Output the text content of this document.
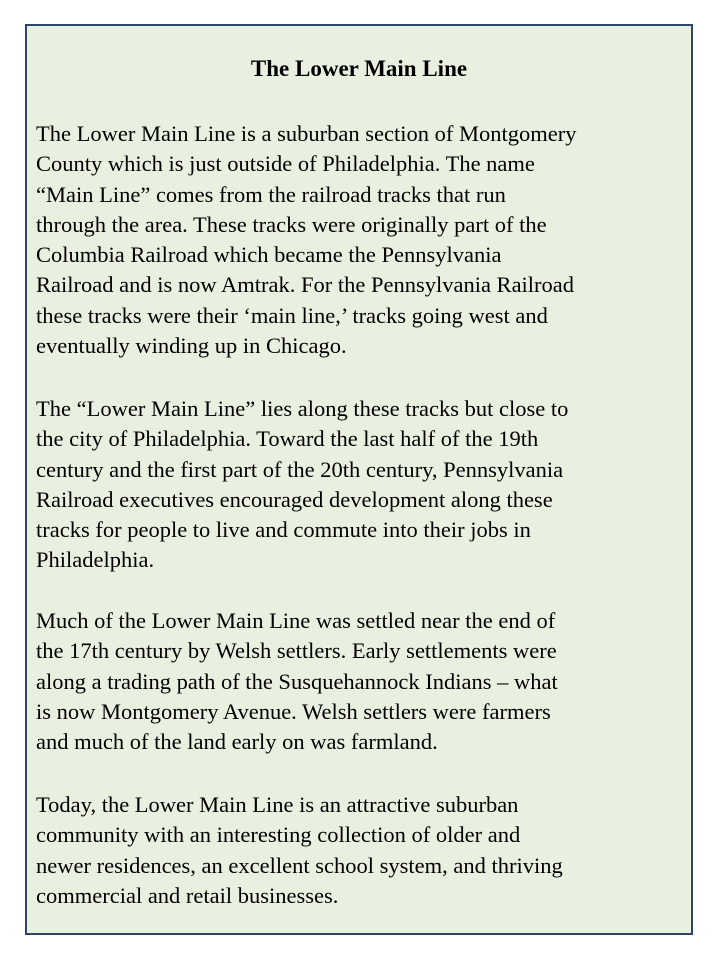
The Lower Main Line

The Lower Main Line is a suburban section of Montgomery
County which is just outside of Philadelphia. The name
“Main Line” comes from the railroad tracks that run
through the area. These tracks were originally part of the
Columbia Railroad which became the Pennsylvania
Railroad and is now Amtrak. For the Pennsylvania Railroad
these tracks were their ‘main line,’ tracks going west and
eventually winding up in Chicago.

The “Lower Main Line” lies along these tracks but close to
the city of Philadelphia. Toward the last half of the 19th
century and the first part of the 20th century, Pennsylvania
Railroad executives encouraged development along these
tracks for people to live and commute into their jobs in
Philadelphia.

Much of the Lower Main Line was settled near the end of
the 17th century by Welsh settlers. Early settlements were
along a trading path of the Susquehannock Indians – what
is now Montgomery Avenue. Welsh settlers were farmers
and much of the land early on was farmland.

Today, the Lower Main Line is an attractive suburban
community with an interesting collection of older and
newer residences, an excellent school system, and thriving
commercial and retail businesses.
